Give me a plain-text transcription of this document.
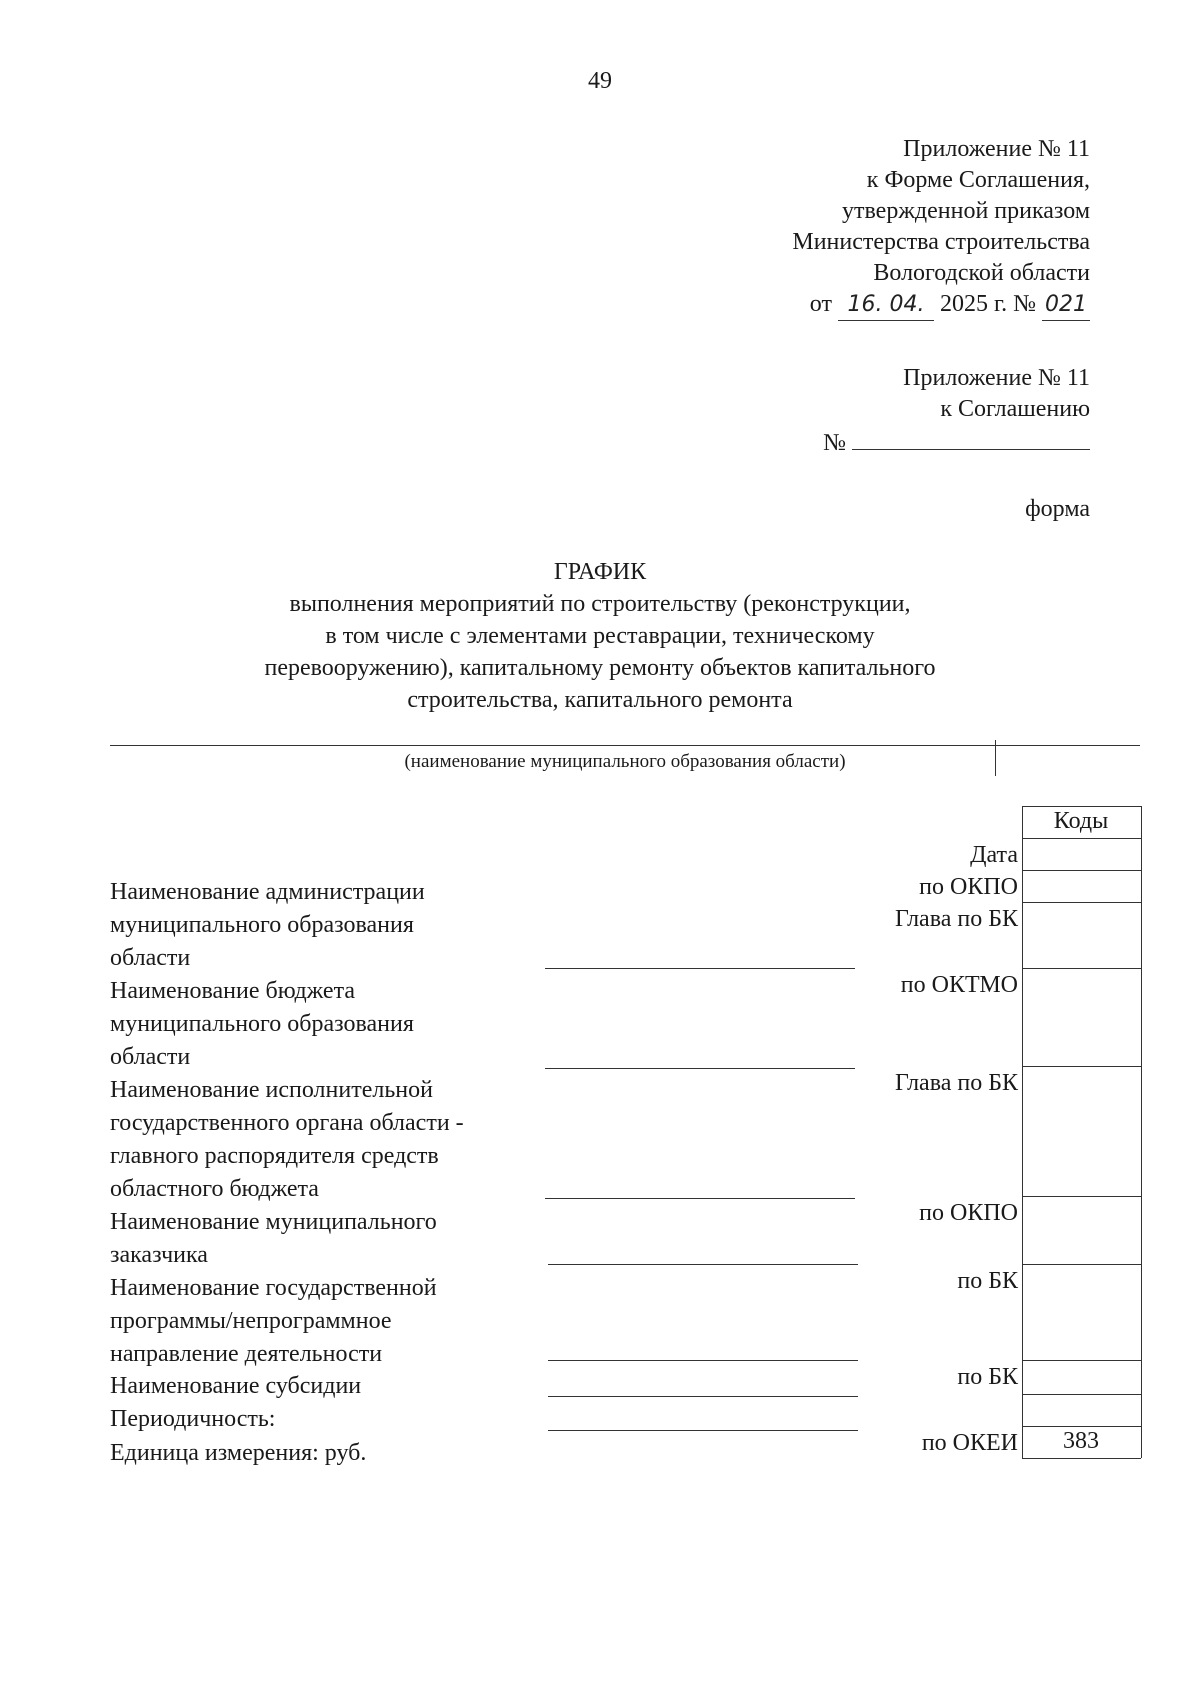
49
Приложение № 11
к Форме Соглашения,
утвержденной приказом
Министерства строительства
Вологодской области
от 16. 04. 2025 г. № 021
Приложение № 11
к Соглашению
№
форма
ГРАФИК
выполнения мероприятий по строительству (реконструкции,
в том числе с элементами реставрации, техническому
перевооружению), капитальному ремонту объектов капитального
строительства, капитального ремонта
(наименование муниципального образования области)
Коды
383
Дата
по ОКПО
Глава по БК
по ОКТМО
Глава по БК
по ОКПО
по БК
по БК
по ОКЕИ
Наименование администрации
муниципального образования
области
Наименование бюджета
муниципального образования
области
Наименование исполнительной
государственного органа области -
главного распорядителя средств
областного бюджета
Наименование муниципального
заказчика
Наименование государственной
программы/непрограммное
направление деятельности
Наименование субсидии
Периодичность:
Единица измерения: руб.
